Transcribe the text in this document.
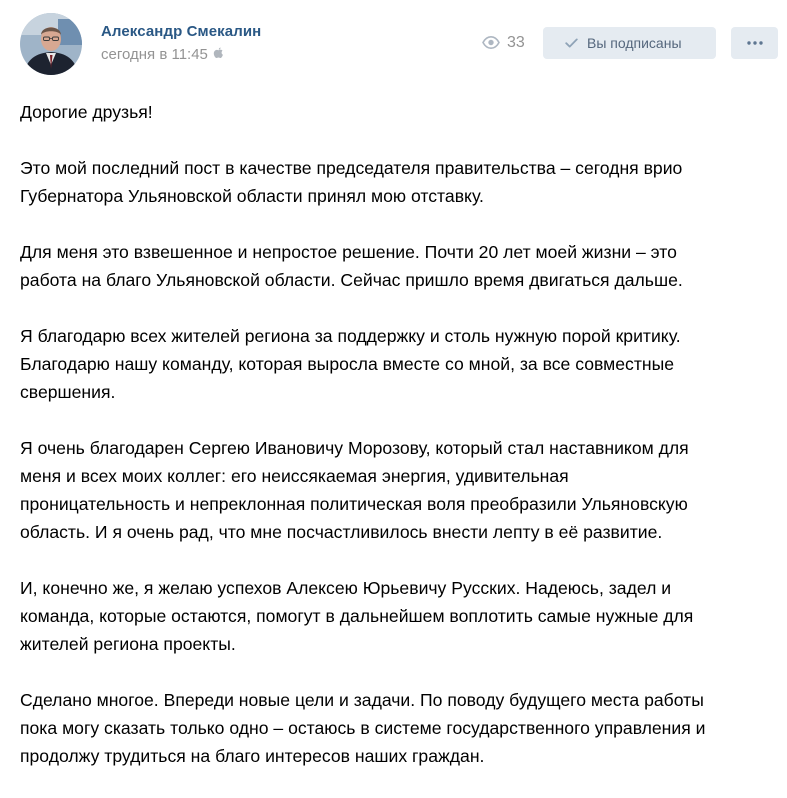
Александр Смекалин
сегодня в 11:45
33	Вы подписаны

Дорогие друзья!

Это мой последний пост в качестве председателя правительства – сегодня врио
Губернатора Ульяновской области принял мою отставку.

Для меня это взвешенное и непростое решение. Почти 20 лет моей жизни – это
работа на благо Ульяновской области. Сейчас пришло время двигаться дальше.

Я благодарю всех жителей региона за поддержку и столь нужную порой критику.
Благодарю нашу команду, которая выросла вместе со мной, за все совместные
свершения.

Я очень благодарен Сергею Ивановичу Морозову, который стал наставником для
меня и всех моих коллег: его неиссякаемая энергия, удивительная
проницательность и непреклонная политическая воля преобразили Ульяновскую
область. И я очень рад, что мне посчастливилось внести лепту в её развитие.

И, конечно же, я желаю успехов Алексею Юрьевичу Русских. Надеюсь, задел и
команда, которые остаются, помогут в дальнейшем воплотить самые нужные для
жителей региона проекты.

Сделано многое. Впереди новые цели и задачи. По поводу будущего места работы
пока могу сказать только одно – остаюсь в системе государственного управления и
продолжу трудиться на благо интересов наших граждан.
